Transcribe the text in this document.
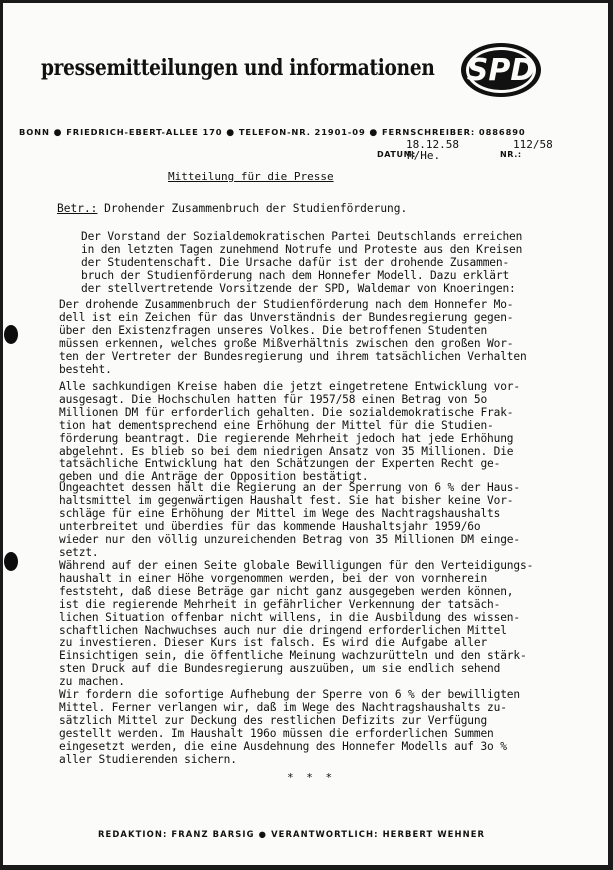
pressemitteilungen und informationen SPD
BONN ● FRIEDRICH-EBERT-ALLEE 170 ● TELEFON-NR. 21901-09 ● FERNSCHREIBER: 0886890
18.12.58
DATUM:
H/He.
112/58
NR.:
Mitteilung für die Presse
Betr.: Drohender Zusammenbruch der Studienförderung.
Der Vorstand der Sozialdemokratischen Partei Deutschlands erreichen
in den letzten Tagen zunehmend Notrufe und Proteste aus den Kreisen
der Studentenschaft. Die Ursache dafür ist der drohende Zusammen-
bruch der Studienförderung nach dem Honnefer Modell. Dazu erklärt
der stellvertretende Vorsitzende der SPD, Waldemar von Knoeringen:
Der drohende Zusammenbruch der Studienförderung nach dem Honnefer Mo-
dell ist ein Zeichen für das Unverständnis der Bundesregierung gegen-
über den Existenzfragen unseres Volkes. Die betroffenen Studenten
müssen erkennen, welches große Mißverhältnis zwischen den großen Wor-
ten der Vertreter der Bundesregierung und ihrem tatsächlichen Verhalten
besteht.
Alle sachkundigen Kreise haben die jetzt eingetretene Entwicklung vor-
ausgesagt. Die Hochschulen hatten für 1957/58 einen Betrag von 5o
Millionen DM für erforderlich gehalten. Die sozialdemokratische Frak-
tion hat dementsprechend eine Erhöhung der Mittel für die Studien-
förderung beantragt. Die regierende Mehrheit jedoch hat jede Erhöhung
abgelehnt. Es blieb so bei dem niedrigen Ansatz von 35 Millionen. Die
tatsächliche Entwicklung hat den Schätzungen der Experten Recht ge-
geben und die Anträge der Opposition bestätigt.
Ungeachtet dessen hält die Regierung an der Sperrung von 6 % der Haus-
haltsmittel im gegenwärtigen Haushalt fest. Sie hat bisher keine Vor-
schläge für eine Erhöhung der Mittel im Wege des Nachtragshaushalts
unterbreitet und überdies für das kommende Haushaltsjahr 1959/6o
wieder nur den völlig unzureichenden Betrag von 35 Millionen DM einge-
setzt.
Während auf der einen Seite globale Bewilligungen für den Verteidigungs-
haushalt in einer Höhe vorgenommen werden, bei der von vornherein
feststeht, daß diese Beträge gar nicht ganz ausgegeben werden können,
ist die regierende Mehrheit in gefährlicher Verkennung der tatsäch-
lichen Situation offenbar nicht willens, in die Ausbildung des wissen-
schaftlichen Nachwuchses auch nur die dringend erforderlichen Mittel
zu investieren. Dieser Kurs ist falsch. Es wird die Aufgabe aller
Einsichtigen sein, die öffentliche Meinung wachzurütteln und den stärk-
sten Druck auf die Bundesregierung auszuüben, um sie endlich sehend
zu machen.
Wir fordern die sofortige Aufhebung der Sperre von 6 % der bewilligten
Mittel. Ferner verlangen wir, daß im Wege des Nachtragshaushalts zu-
sätzlich Mittel zur Deckung des restlichen Defizits zur Verfügung
gestellt werden. Im Haushalt 196o müssen die erforderlichen Summen
eingesetzt werden, die eine Ausdehnung des Honnefer Modells auf 3o %
aller Studierenden sichern.
* * *
REDAKTION: FRANZ BARSIG ● VERANTWORTLICH: HERBERT WEHNER
